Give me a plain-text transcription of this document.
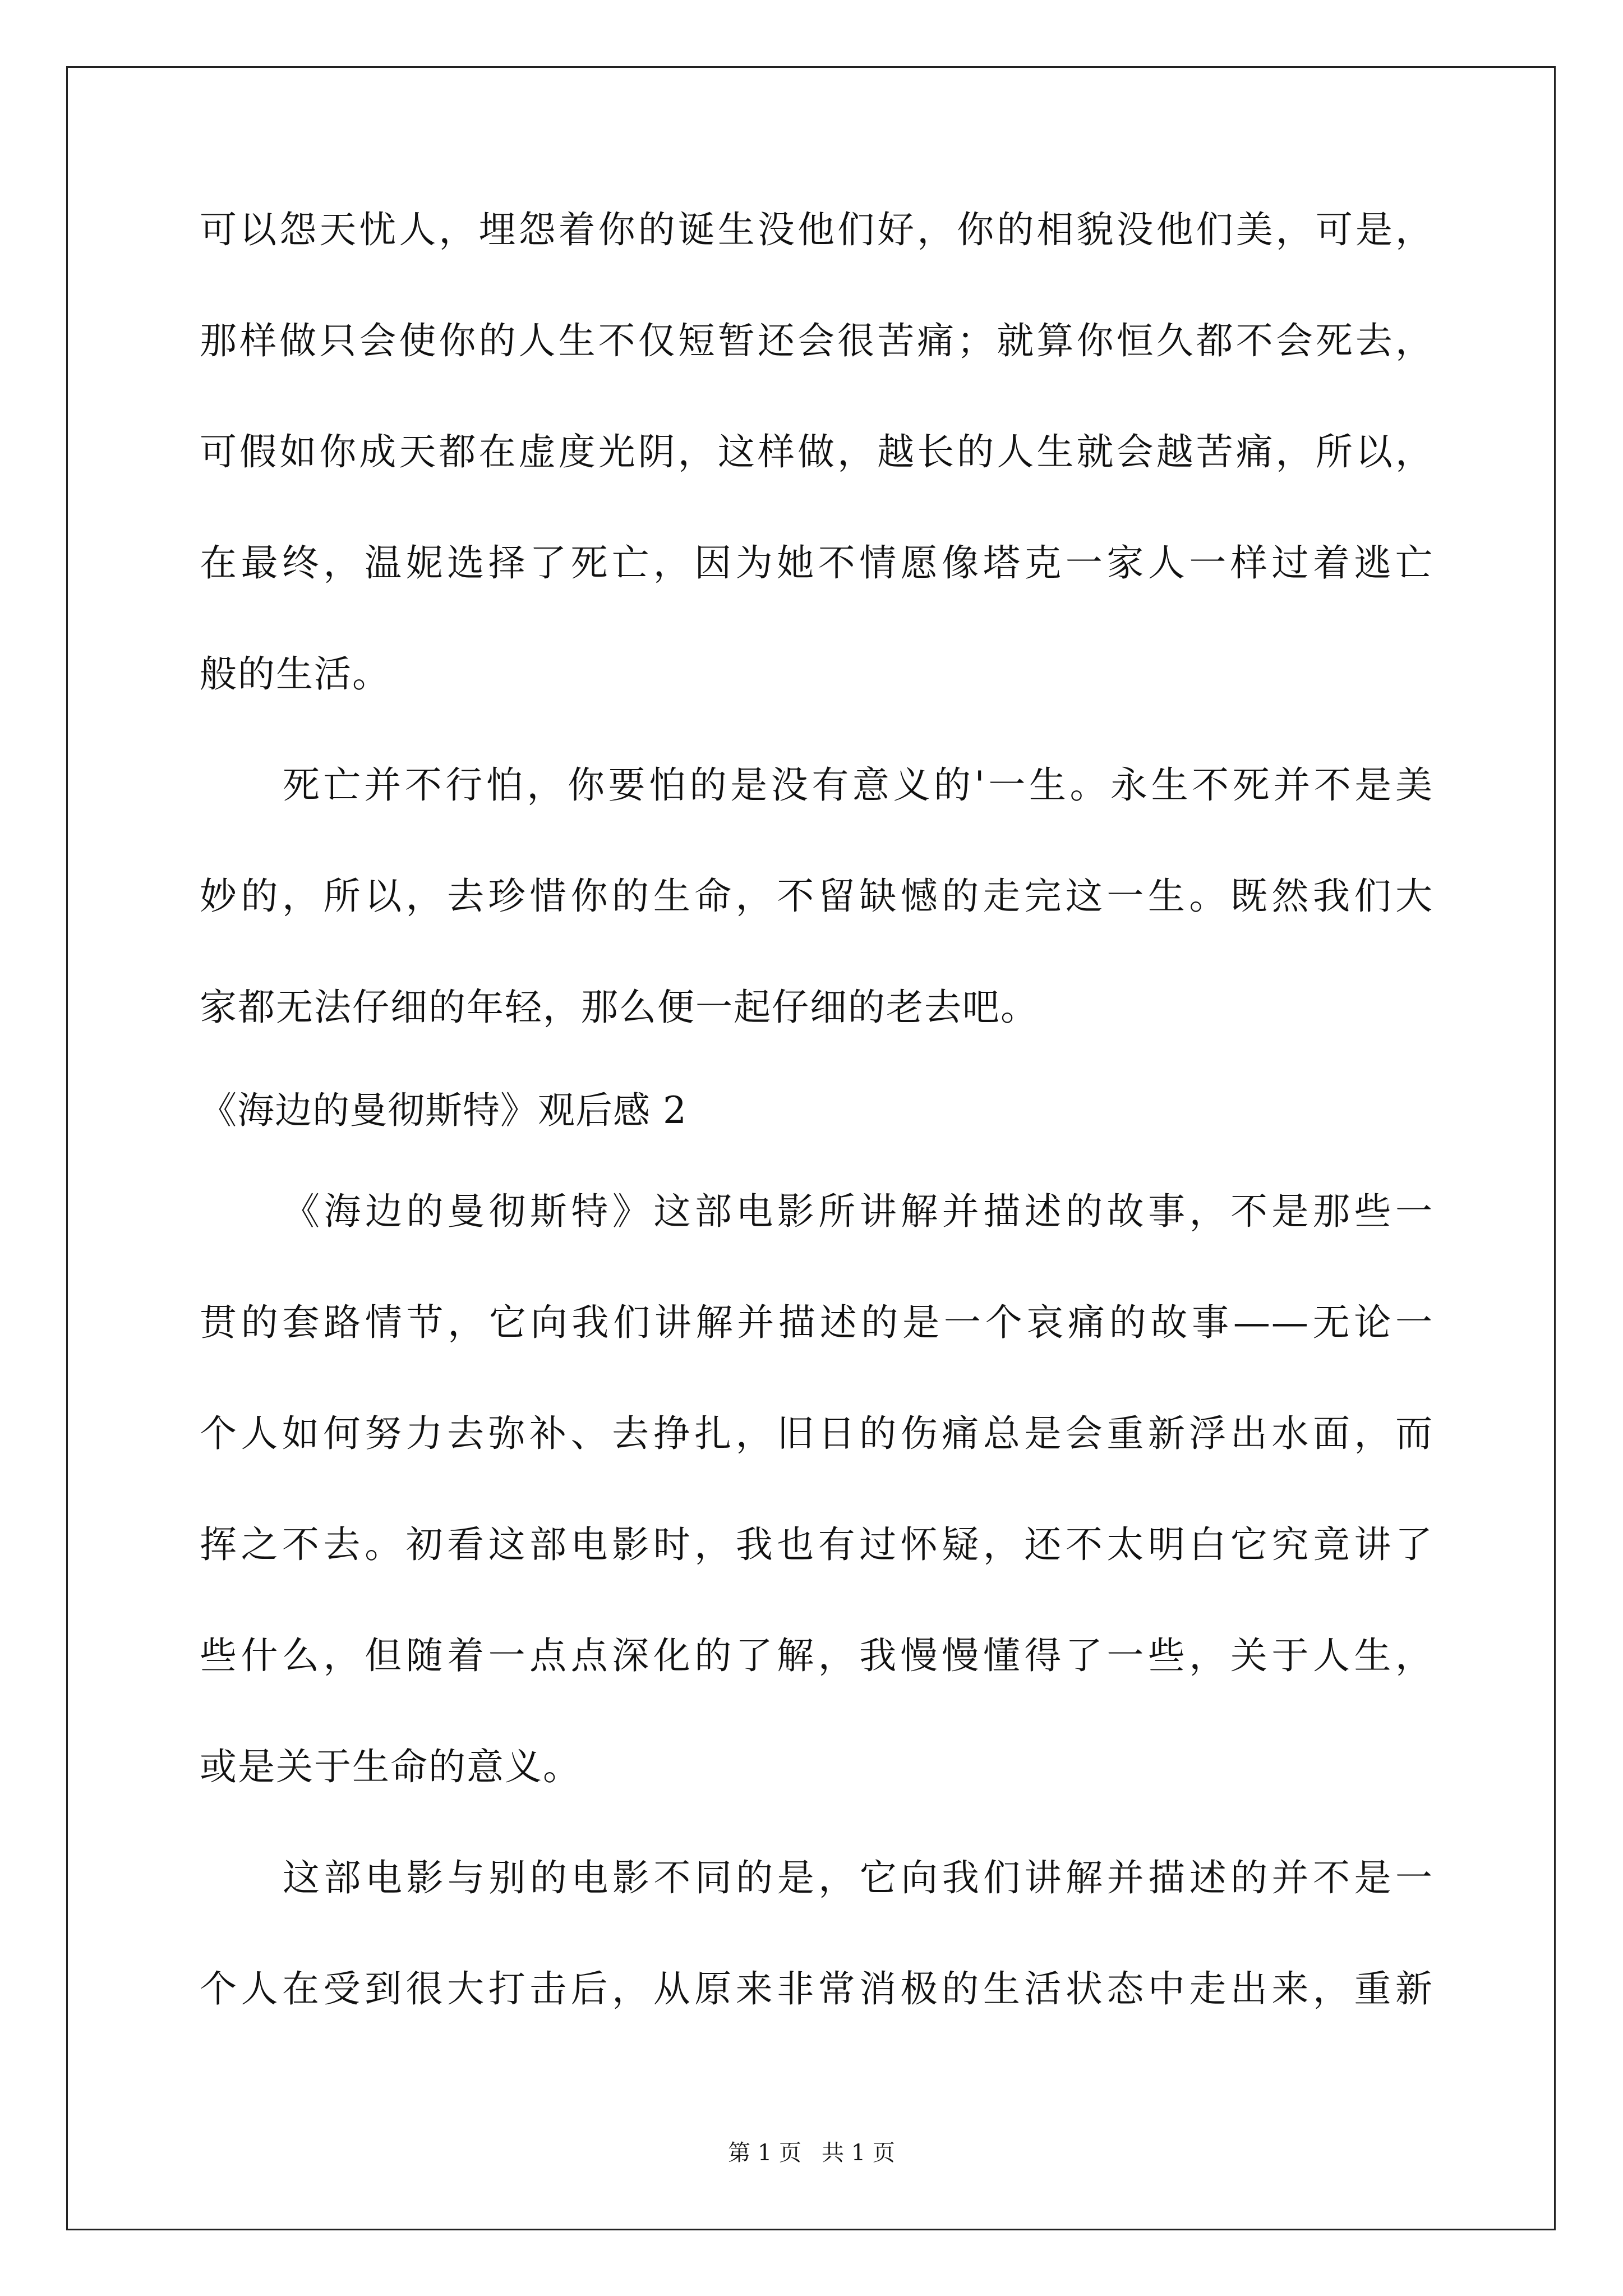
可以怨天忧人，埋怨着你的诞生没他们好，你的相貌没他们美，可是，
那样做只会使你的人生不仅短暂还会很苦痛；就算你恒久都不会死去，
可假如你成天都在虚度光阴，这样做，越长的人生就会越苦痛，所以，
在最终，温妮选择了死亡，因为她不情愿像塔克一家人一样过着逃亡
般的生活。
死亡并不行怕，你要怕的是没有意义的'一生。永生不死并不是美
妙的，所以，去珍惜你的生命，不留缺憾的走完这一生。既然我们大
家都无法仔细的年轻，那么便一起仔细的老去吧。
《海边的曼彻斯特》观后感 2
《海边的曼彻斯特》这部电影所讲解并描述的故事，不是那些一
贯的套路情节，它向我们讲解并描述的是一个哀痛的故事——无论一
个人如何努力去弥补、去挣扎，旧日的伤痛总是会重新浮出水面，而
挥之不去。初看这部电影时，我也有过怀疑，还不太明白它究竟讲了
些什么，但随着一点点深化的了解，我慢慢懂得了一些，关于人生，
或是关于生命的意义。
这部电影与别的电影不同的是，它向我们讲解并描述的并不是一
个人在受到很大打击后，从原来非常消极的生活状态中走出来，重新
第 1 页 共 1 页
